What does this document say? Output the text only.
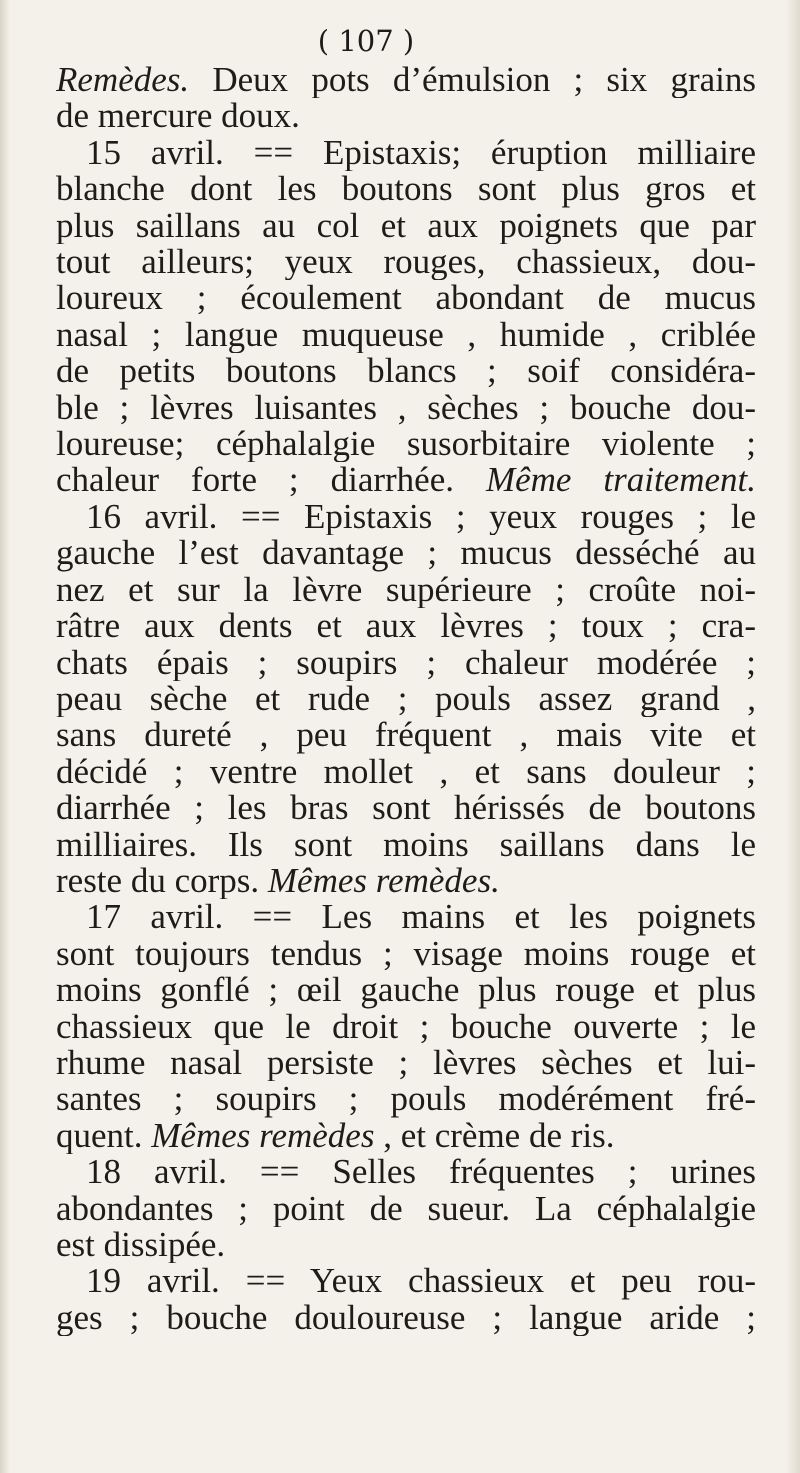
( 107 )
Remèdes. Deux pots d’émulsion ; six grains
de mercure doux.
15 avril. == Epistaxis; éruption milliaire
blanche dont les boutons sont plus gros et
plus saillans au col et aux poignets que par
tout ailleurs; yeux rouges, chassieux, dou-
loureux ; écoulement abondant de mucus
nasal ; langue muqueuse , humide , criblée
de petits boutons blancs ; soif considéra-
ble ; lèvres luisantes , sèches ; bouche dou-
loureuse; céphalalgie susorbitaire violente ;
chaleur forte ; diarrhée. Même traitement.
16 avril. == Epistaxis ; yeux rouges ; le
gauche l’est davantage ; mucus desséché au
nez et sur la lèvre supérieure ; croûte noi-
râtre aux dents et aux lèvres ; toux ; cra-
chats épais ; soupirs ; chaleur modérée ;
peau sèche et rude ; pouls assez grand ,
sans dureté , peu fréquent , mais vite et
décidé ; ventre mollet , et sans douleur ;
diarrhée ; les bras sont hérissés de boutons
milliaires. Ils sont moins saillans dans le
reste du corps. Mêmes remèdes.
17 avril. == Les mains et les poignets
sont toujours tendus ; visage moins rouge et
moins gonflé ; œil gauche plus rouge et plus
chassieux que le droit ; bouche ouverte ; le
rhume nasal persiste ; lèvres sèches et lui-
santes ; soupirs ; pouls modérément fré-
quent. Mêmes remèdes , et crème de ris.
18 avril. == Selles fréquentes ; urines
abondantes ; point de sueur. La céphalalgie
est dissipée.
19 avril. == Yeux chassieux et peu rou-
ges ; bouche douloureuse ; langue aride ;
